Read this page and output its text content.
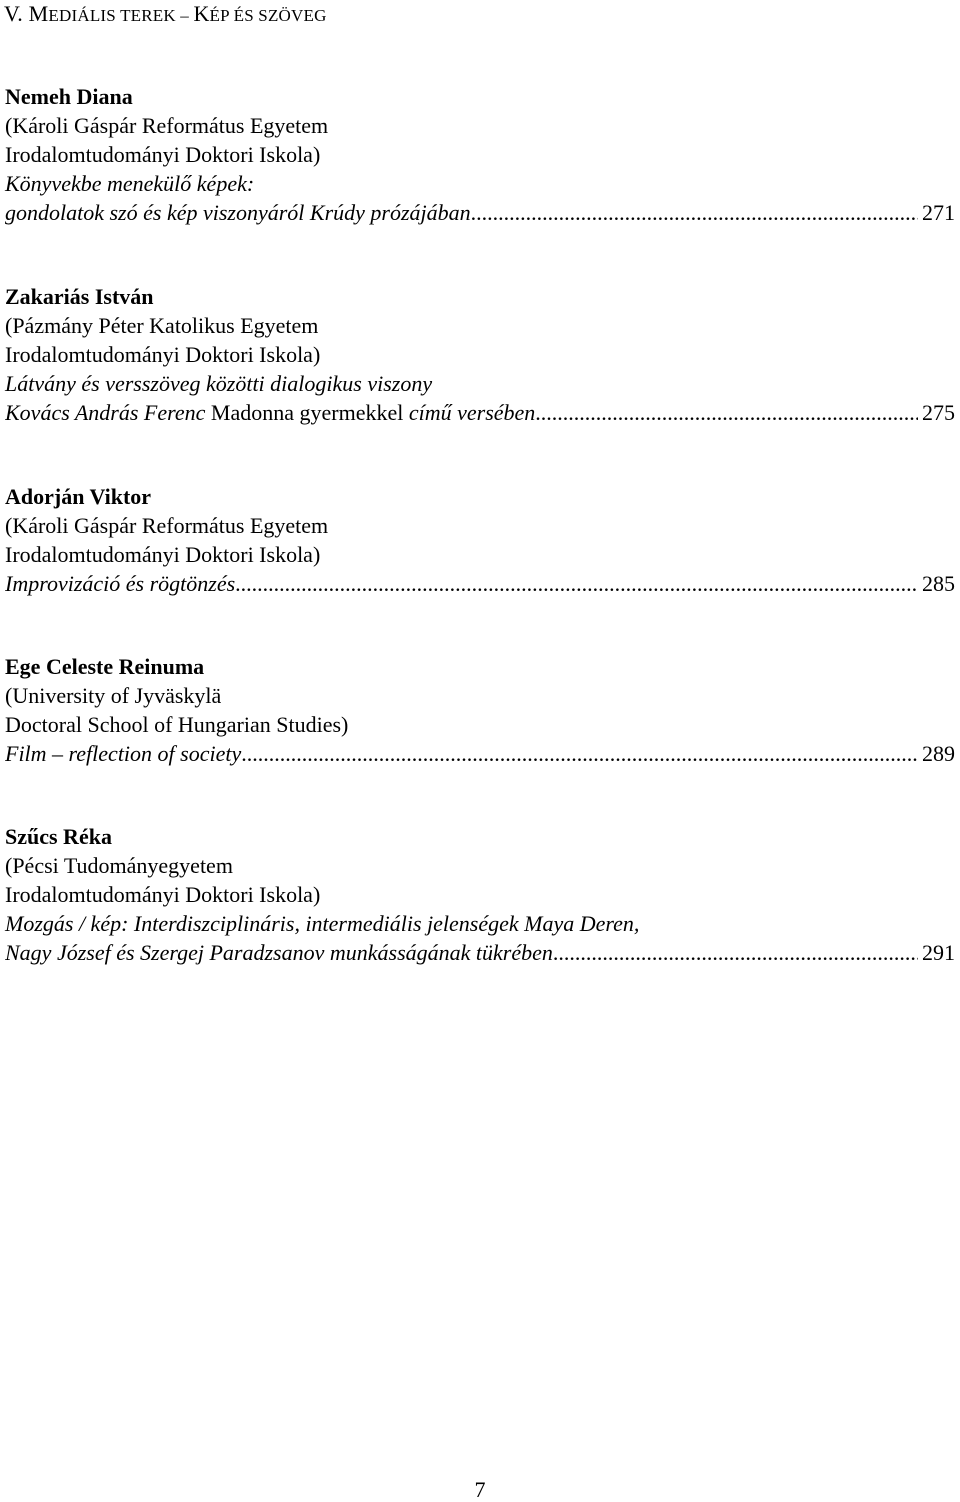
V. MEDIÁLIS TEREK – KÉP ÉS SZÖVEG
Nemeh Diana
(Károli Gáspár Református Egyetem
Irodalomtudományi Doktori Iskola)
Könyvekbe menekülő képek:
gondolatok szó és kép viszonyáról Krúdy prózájában .....	271
Zakariás István
(Pázmány Péter Katolikus Egyetem
Irodalomtudományi Doktori Iskola)
Látvány és versszöveg közötti dialogikus viszony
Kovács András Ferenc Madonna gyermekkel című versében .....	275
Adorján Viktor
(Károli Gáspár Református Egyetem
Irodalomtudományi Doktori Iskola)
Improvizáció és rögtönzés .....	285
Ege Celeste Reinuma
(University of Jyväskylä
Doctoral School of Hungarian Studies)
Film – reflection of society .....	289
Szűcs Réka
(Pécsi Tudományegyetem
Irodalomtudományi Doktori Iskola)
Mozgás / kép: Interdiszciplináris, intermediális jelenségek Maya Deren,
Nagy József és Szergej Paradzsanov munkásságának tükrében .....	291
7
